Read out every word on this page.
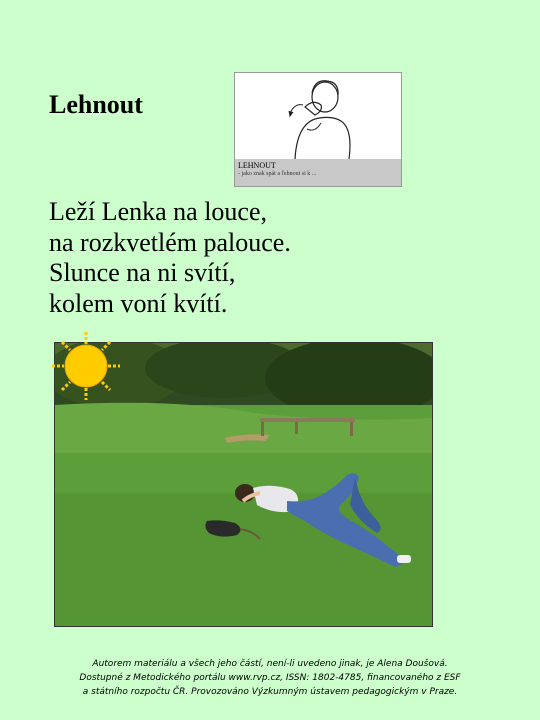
Lehnout
LEHNOUT
- jako znak spát a ľehnout si k ...
Leží Lenka na louce,
na rozkvetlém palouce.
Slunce na ni svítí,
kolem voní kvítí.
Autorem materiálu a všech jeho částí, není-li uvedeno jinak, je Alena Doušová.
Dostupné z Metodického portálu www.rvp.cz, ISSN: 1802-4785, financovaného z ESF
a státního rozpočtu ČR. Provozováno Výzkumným ústavem pedagogickým v Praze.
